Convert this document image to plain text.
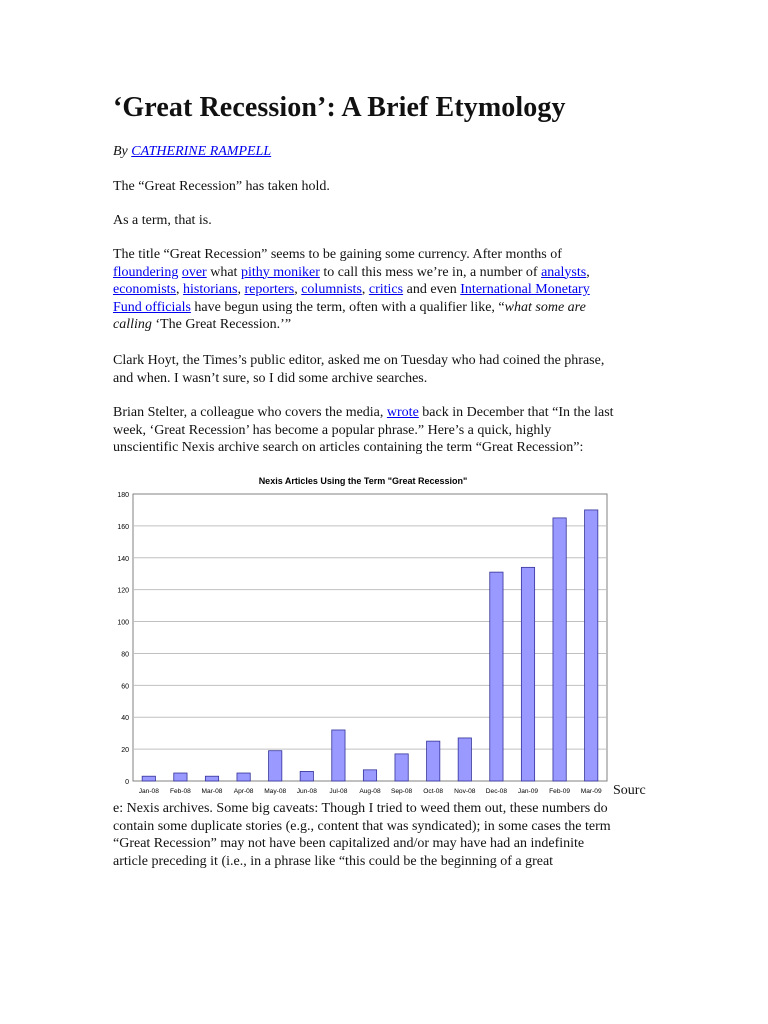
‘Great Recession’: A Brief Etymology
By CATHERINE RAMPELL
The “Great Recession” has taken hold.
As a term, that is.
The title “Great Recession” seems to be gaining some currency. After months of
floundering over what pithy moniker to call this mess we’re in, a number of analysts,
economists, historians, reporters, columnists, critics and even International Monetary
Fund officials have begun using the term, often with a qualifier like, “what some are
calling ‘The Great Recession.’”
Clark Hoyt, the Times’s public editor, asked me on Tuesday who had coined the phrase,
and when. I wasn’t sure, so I did some archive searches.
Brian Stelter, a colleague who covers the media, wrote back in December that “In the last
week, ‘Great Recession’ has become a popular phrase.” Here’s a quick, highly
unscientific Nexis archive search on articles containing the term “Great Recession”:
Nexis Articles Using the Term "Great Recession"
0
20
40
60
80
100
120
140
160
180
Jan-08 Feb-08 Mar-08 Apr-08 May-08 Jun-08 Jul-08 Aug-08 Sep-08 Oct-08 Nov-08 Dec-08 Jan-09 Feb-09 Mar-09 Sourc
e: Nexis archives. Some big caveats: Though I tried to weed them out, these numbers do
contain some duplicate stories (e.g., content that was syndicated); in some cases the term
“Great Recession” may not have been capitalized and/or may have had an indefinite
article preceding it (i.e., in a phrase like “this could be the beginning of a great
